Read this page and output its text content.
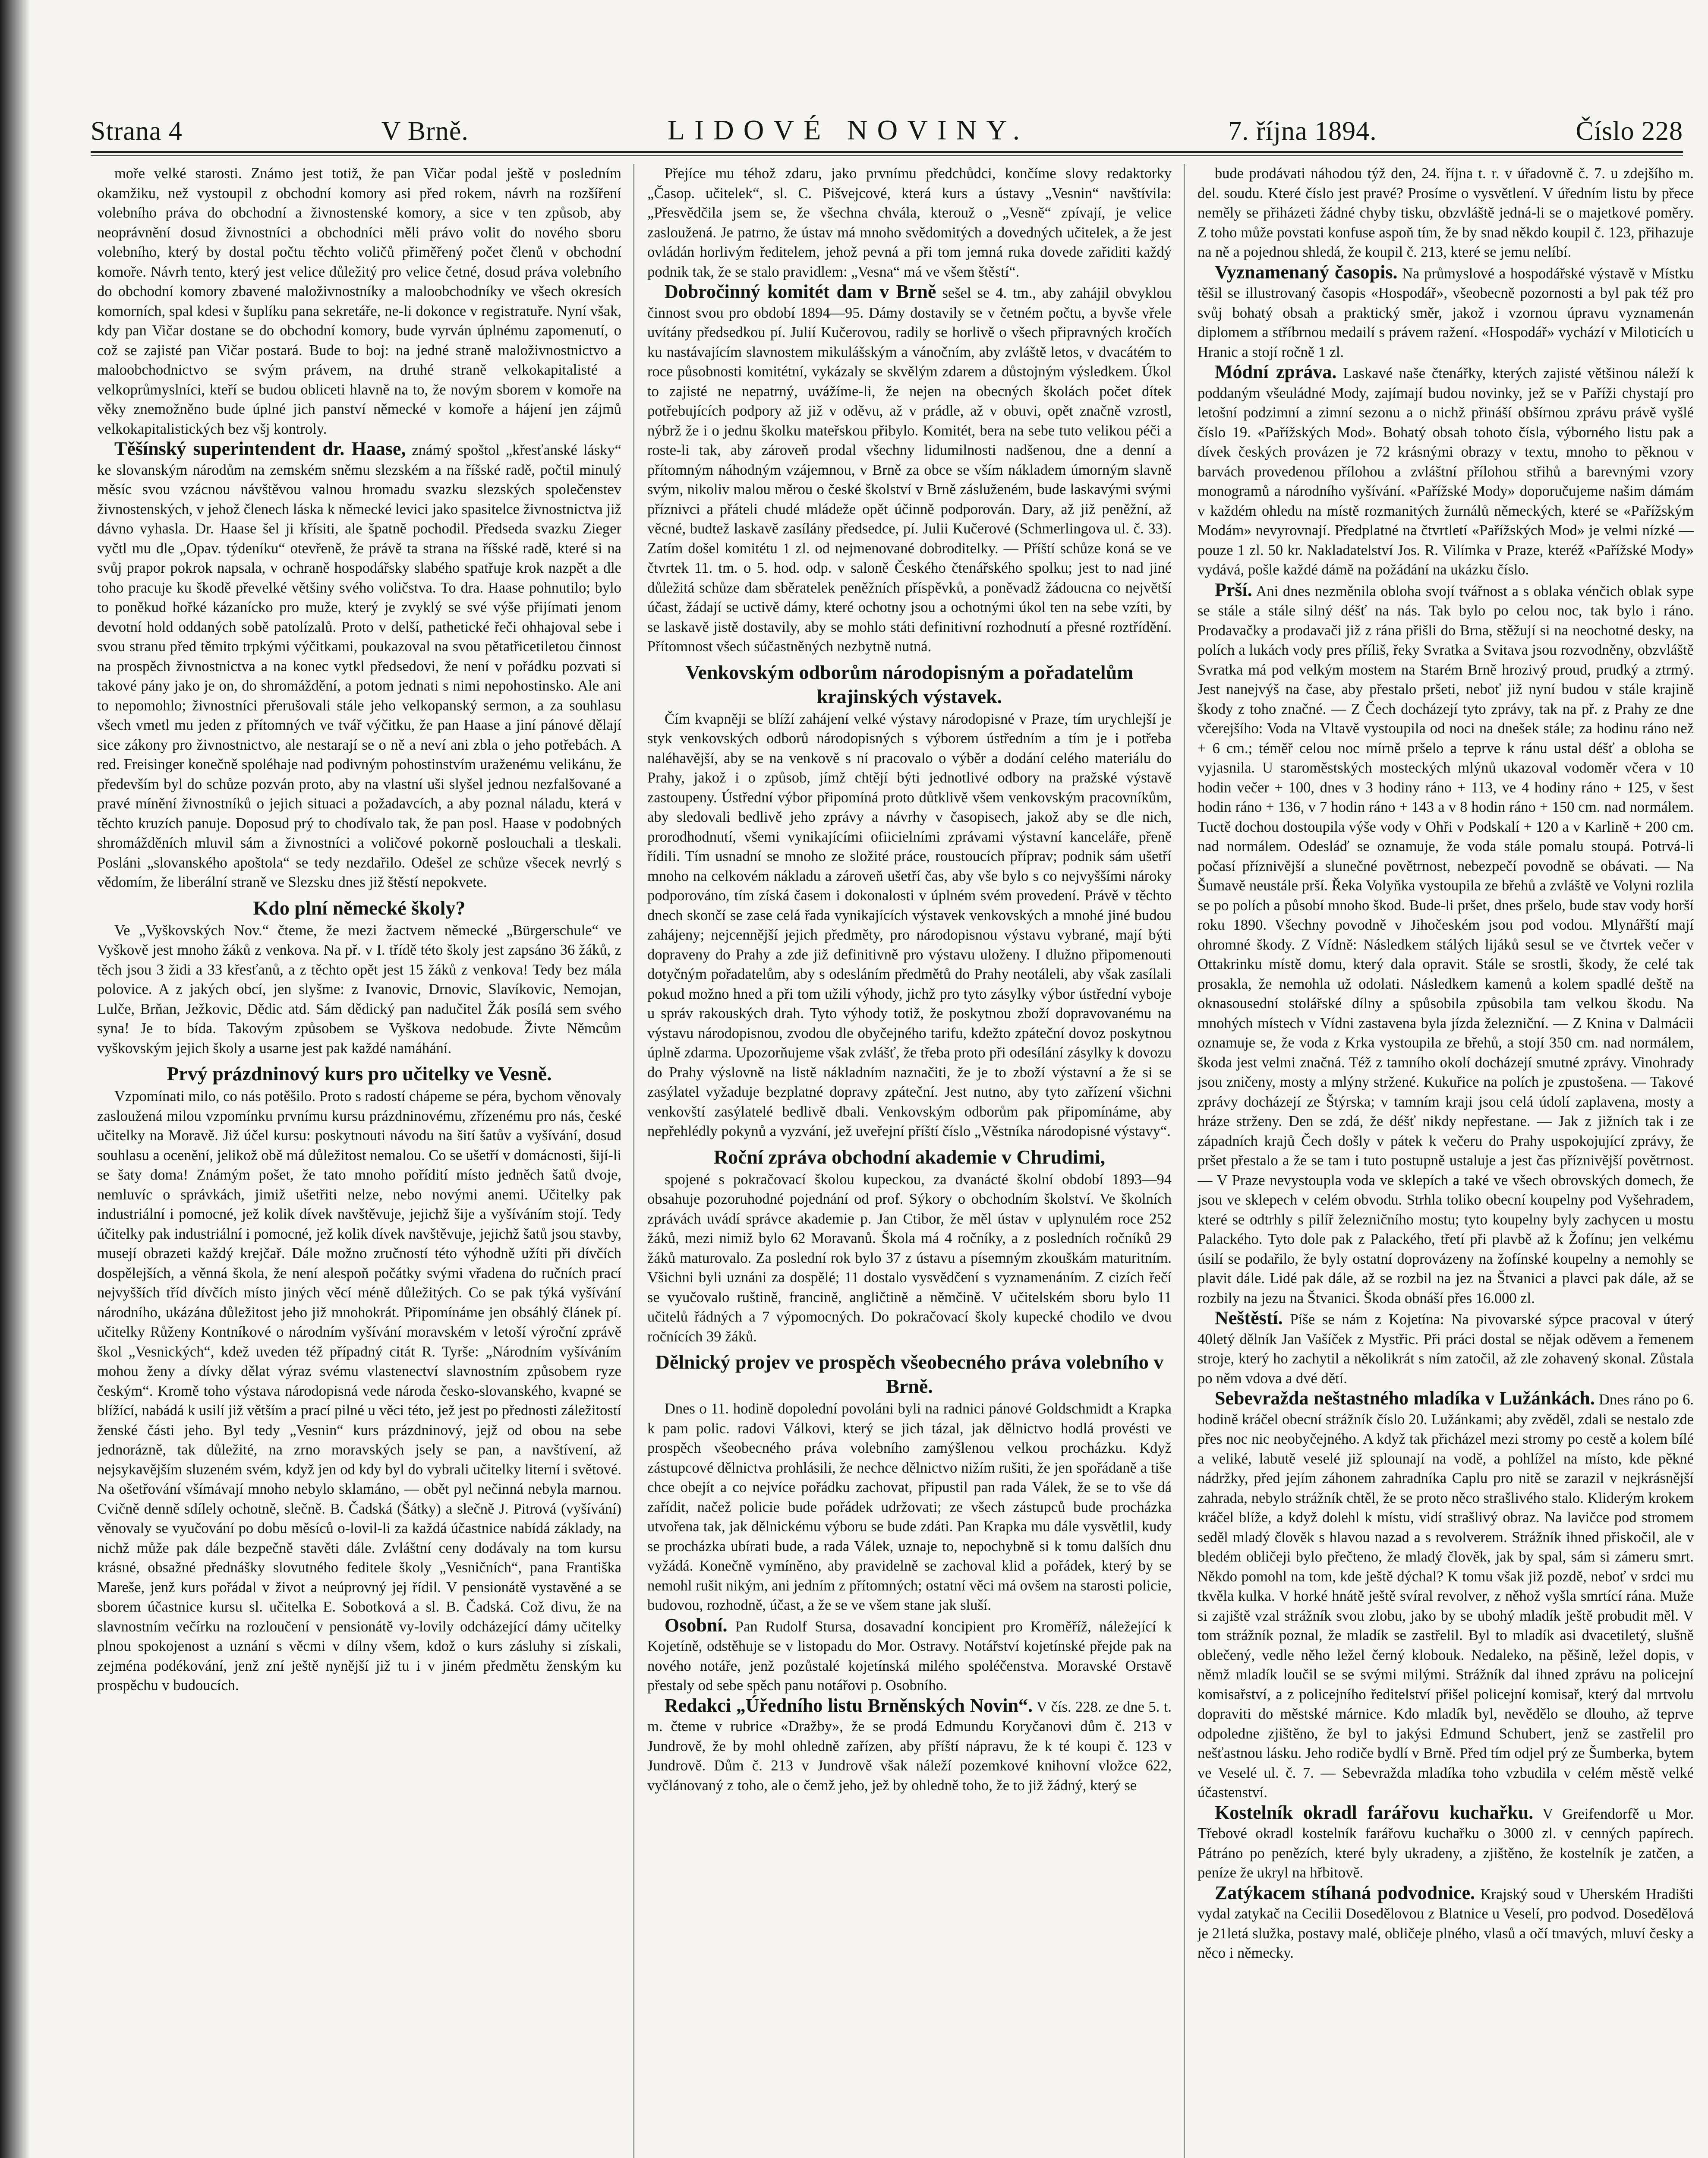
Strana 4	V Brně.	LIDOVÉ NOVINY.	7. října 1894.	Číslo 228

moře velké starosti. Známo jest totiž, že pan Vičar podal ještě v posledním okamžiku, než vystoupil z obchodní komory asi před rokem, návrh na rozšíření volebního práva do obchodní a živnostenské komory, a sice v ten způsob, aby neoprávnění dosud živnostníci a obchodníci měli právo volit do nového sboru volebního, který by dostal počtu těchto voličů přiměřený počet členů v obchodní komoře. Návrh tento, který jest velice důležitý pro velice četné, dosud práva volebního do obchodní komory zbavené maloživnostníky a maloobchodníky ve všech okresích komorních, spal kdesi v šuplíku pana sekretáře, ne-li dokonce v registratuře. Nyní však, kdy pan Vičar dostane se do obchodní komory, bude vyrván úplnému zapomenutí, o což se zajisté pan Vičar postará. Bude to boj: na jedné straně maloživnostnictvo a maloobchodnictvo se svým právem, na druhé straně velkokapitalisté a velkoprůmyslníci, kteří se budou obliceti hlavně na to, že novým sborem v komoře na věky znemožněno bude úplné jich panství německé v komoře a hájení jen zájmů velkokapitalistických bez všj kontroly.

Těšínský superintendent dr. Haase, známý spoštol „křesťanské lásky“ ke slovanským národům na zemském sněmu slezském a na říšské radě, počtil minulý měsíc svou vzácnou návštěvou valnou hromadu svazku slezských společenstev živnostenských, v jehož členech láska k německé levici jako spasitelce živnostnictva již dávno vyhasla. Dr. Haase šel ji křísiti, ale špatně pochodil. Předseda svazku Zieger vyčtl mu dle „Opav. týdeníku“ otevřeně, že právě ta strana na říšské radě, které si na svůj prapor pokrok napsala, v ochraně hospodářsky slabého spatřuje krok nazpět a dle toho pracuje ku škodě převelké většiny svého voličstva. To dra. Haase pohnutilo; bylo to poněkud hořké kázanícko pro muže, který je zvyklý se své výše přijímati jenom devotní hold oddaných sobě patolízalů. Proto v delší, pathetické řeči ohhajoval sebe i svou stranu před těmito trpkými výčitkami, poukazoval na svou pětatřicetiletou činnost na prospěch živnostnictva a na konec vytkl předsedovi, že není v pořádku pozvati si takové pány jako je on, do shromáždění, a potom jednati s nimi nepohostinsko. Ale ani to nepomohlo; živnostníci přerušovali stále jeho velkopanský sermon, a za souhlasu všech vmetl mu jeden z přítomných ve tvář výčitku, že pan Haase a jiní pánové dělají sice zákony pro živnostnictvo, ale nestarají se o ně a neví ani zbla o jeho potřebách. A red. Freisinger konečně spoléhaje nad podivným pohostinstvím uraženému velikánu, že především byl do schůze pozván proto, aby na vlastní uši slyšel jednou nezfalšované a pravé mínění živnostníků o jejich situaci a požadavcích, a aby poznal náladu, která v těchto kruzích panuje. Doposud prý to chodívalo tak, že pan posl. Haase v podobných shromážděních mluvil sám a živnostníci a voličové pokorně poslouchali a tleskali. Posláni „slovanského apoštola“ se tedy nezdařilo. Odešel ze schůze všecek nevrlý s vědomím, že liberální straně ve Slezsku dnes již štěstí nepokvete.

Kdo plní německé školy?

Ve „Vyškovských Nov.“ čteme, že mezi žactvem německé „Bürgerschule“ ve Vyškově jest mnoho žáků z venkova. Na př. v I. třídě této školy jest zapsáno 36 žáků, z těch jsou 3 židi a 33 křesťanů, a z těchto opět jest 15 žáků z venkova! Tedy bez mála polovice. A z jakých obcí, jen slyšme: z Ivanovic, Drnovic, Slavíkovic, Nemojan, Lulče, Brňan, Ježkovic, Dědic atd. Sám dědický pan nadučitel Žák posílá sem svého syna! Je to bída. Takovým způsobem se Vyškova nedobude. Živte Němcům vyškovským jejich školy a usarne jest pak každé namáhání.

Prvý prázdninový kurs pro učitelky ve Vesně.

Vzpomínati milo, co nás potěšilo. Proto s radostí chápeme se péra, bychom věnovaly zasloužená milou vzpomínku prvnímu kursu prázdninovému, zřízenému pro nás, české učitelky na Moravě. Již účel kursu: poskytnouti návodu na šití šatův a vyšívání, dosud souhlasu a ocenění, jelikož obě má důležitost nemalou. Co se ušetří v domácnosti, šijí-li se šaty doma! Známým pošet, že tato mnoho pořídití místo jedněch šatů dvoje, nemluvíc o správkách, jimiž ušetřiti nelze, nebo novými anemi. Učitelky pak industriální i pomocné, jež kolik dívek navštěvuje, jejichž šije a vyšíváním stojí. Tedy účitelky pak industriální i pomocné, jež kolik dívek navštěvuje, jejichž šatů jsou stavby, musejí obrazeti každý krejčař. Dále možno zručností této výhodně užíti při dívčích dospělejších, a věnná škola, že není alespoň počátky svými vřadena do ručních prací nejvyšších tříd dívčích místo jiných věcí méně důležitých. Co se pak týká vyšívání národního, ukázána důležitost jeho již mnohokrát. Připomínáme jen obsáhlý článek pí. učitelky Růženy Kontníkové o národním vyšívání moravském v letoší výroční zprávě škol „Vesnických“, kdež uveden též případný citát R. Tyrše: „Národním vyšíváním mohou ženy a dívky dělat výraz svému vlastenectví slavnostním způsobem ryze českým“. Kromě toho výstava národopisná vede národa česko-slovanského, kvapné se blížící, nabádá k usilí již větším a prací pilné u věci této, jež jest po přednosti záležitostí ženské části jeho. Byl tedy „Vesnin“ kurs prázdninový, jejž od obou na sebe jednorázně, tak důležité, na zrno moravských jsely se pan, a navštívení, až nejsykavějším sluzeném svém, když jen od kdy byl do vybrali učitelky literní i světové. Na ošetřování všímávají mnoho nebylo sklamáno, — obět pyl nečinná nebyla marnou. Cvičně denně sdílely ochotně, slečně. B. Čadská (Šátky) a slečně J. Pitrová (vyšívání) věnovaly se vyučování po dobu měsíců o-lovil-li za každá účastnice nabídá základy, na nichž může pak dále bezpečně stavěti dále. Zvláštní ceny dodávaly na tom kursu krásné, obsažné přednášky slovutného feditele školy „Vesničních“, pana Františka Mareše, jenž kurs pořádal v život a neúprovný jej řídil. V pensionátě vystavěné a se sborem účastnice kursu sl. učitelka E. Sobotková a sl. B. Čadská. Což divu, že na slavnostním večírku na rozloučení v pensionátě vy-lovily odcházející dámy učitelky plnou spokojenost a uznání s věcmi v dílny všem, kdož o kurs zásluhy si získali, zejména podékování, jenž zní ještě nynější již tu i v jiném předmětu ženským ku prospěchu v budoucích.

Přejíce mu téhož zdaru, jako prvnímu předchůdci, končíme slovy redaktorky „Časop. učitelek“, sl. C. Pišvejcové, která kurs a ústavy „Vesnin“ navštívila: „Přesvědčila jsem se, že všechna chvála, kterouž o „Vesně“ zpívají, je velice zasloužená. Je patrno, že ústav má mnoho svědomitých a dovedných učitelek, a že jest ovládán horlivým ředitelem, jehož pevná a při tom jemná ruka dovede zařiditi každý podnik tak, že se stalo pravidlem: „Vesna“ má ve všem štěstí“.

Dobročinný komitét dam v Brně sešel se 4. tm., aby zahájil obvyklou činnost svou pro období 1894—95. Dámy dostavily se v četném počtu, a byvše vřele uvítány předsedkou pí. Julií Kučerovou, radily se horlivě o všech připravných kročích ku nastávajícím slavnostem mikulášským a vánočním, aby zvláště letos, v dvacátém to roce působnosti komitétní, vykázaly se skvělým zdarem a důstojným výsledkem. Úkol to zajisté ne nepatrný, uvážíme-li, že nejen na obecných školách počet dítek potřebujících podpory až již v oděvu, až v prádle, až v obuvi, opět značně vzrostl, nýbrž že i o jednu školku mateřskou přibylo. Komitét, bera na sebe tuto velikou péči a roste-li tak, aby zároveň prodal všechny lidumilnosti nadšenou, dne a denní a přítomným náhodným vzájemnou, v Brně za obce se vším nákladem úmorným slavně svým, nikoliv malou měrou o české školství v Brně zásluženém, bude laskavými svými příznivci a přáteli chudé mládeže opět účinně podporován. Dary, až již peněžní, až věcné, budtež laskavě zasílány předsedce, pí. Julii Kučerové (Schmerlingova ul. č. 33). Zatím došel komitétu 1 zl. od nejmenované dobroditelky. — Příští schůze koná se ve čtvrtek 11. tm. o 5. hod. odp. v saloně Českého čtenářského spolku; jest to nad jiné důležitá schůze dam sběratelek peněžních příspěvků, a poněvadž žádoucna co největší účast, žádají se uctivě dámy, které ochotny jsou a ochotnými úkol ten na sebe vzíti, by se laskavě jistě dostavily, aby se mohlo státi definitivní rozhodnutí a přesné roztřídění. Přítomnost všech súčastněných nezbytně nutná.

Venkovským odborům národopisným a pořadatelům krajinských výstavek.

Čím kvapněji se blíží zahájení velké výstavy národopisné v Praze, tím urychlejší je styk venkovských odborů národopisných s výborem ústředním a tím je i potřeba naléhavější, aby se na venkově s ní pracovalo o výběr a dodání celého materiálu do Prahy, jakož i o způsob, jímž chtějí býti jednotlivé odbory na pražské výstavě zastoupeny. Ústřední výbor připomíná proto důtklivě všem venkovským pracovníkům, aby sledovali bedlivě jeho zprávy a návrhy v časopisech, jakož aby se dle nich, prorodhodnutí, všemi vynikajícími ofiicielními zprávami výstavní kanceláře, přeně řídili. Tím usnadní se mnoho ze složité práce, roustoucích příprav; podnik sám ušetří mnoho na celkovém nákladu a zároveň ušetří čas, aby vše bylo s co nejvyššími nároky podporováno, tím získá časem i dokonalosti v úplném svém provedení. Právě v těchto dnech skončí se zase celá řada vynikajících výstavek venkovských a mnohé jiné budou zahájeny; nejcennější jejich předměty, pro národopisnou výstavu vybrané, mají býti dopraveny do Prahy a zde již definitivně pro výstavu uloženy. I dlužno připomenouti dotyčným pořadatelům, aby s odesláním předmětů do Prahy neotáleli, aby však zasílali pokud možno hned a při tom užili výhody, jichž pro tyto zásylky výbor ústřední vyboje u správ rakouských drah. Tyto výhody totiž, že poskytnou zboží dopravovanému na výstavu národopisnou, zvodou dle obyčejného tarifu, kdežto zpáteční dovoz poskytnou úplně zdarma. Upozorňujeme však zvlášť, že třeba proto při odesílání zásylky k dovozu do Prahy výslovně na listě nákladním naznačiti, že je to zboží výstavní a že si se zasýlatel vyžaduje bezplatné dopravy zpáteční. Jest nutno, aby tyto zařízení všichni venkovští zasýlatelé bedlivě dbali. Venkovským odborům pak připomínáme, aby nepřehlédly pokynů a vyzvání, jež uveřejní příští číslo „Věstníka národopisné výstavy“.

Roční zpráva obchodní akademie v Chrudimi,

spojené s pokračovací školou kupeckou, za dvanácté školní období 1893—94 obsahuje pozoruhodné pojednání od prof. Sýkory o obchodním školství. Ve školních zprávách uvádí správce akademie p. Jan Ctibor, že měl ústav v uplynulém roce 252 žáků, mezi nimiž bylo 62 Moravanů. Škola má 4 ročníky, a z posledních ročníků 29 žáků maturovalo. Za poslední rok bylo 37 z ústavu a písemným zkouškám maturitním. Všichni byli uznáni za dospělé; 11 dostalo vysvědčení s vyznamenáním. Z cizích řečí se vyučovalo ruštině, francině, angličtině a němčině. V učitelském sboru bylo 11 učitelů řádných a 7 výpomocných. Do pokračovací školy kupecké chodilo ve dvou ročnících 39 žáků.

Dělnický projev ve prospěch všeobecného práva volebního v Brně.

Dnes o 11. hodině dopolední povoláni byli na radnici pánové Goldschmidt a Krapka k pam polic. radovi Válkovi, který se jich tázal, jak dělnictvo hodlá provésti ve prospěch všeobecného práva volebního zamýšlenou velkou procházku. Když zástupcové dělnictva prohlásili, že nechce dělnictvo nižím rušiti, že jen spořádaně a tiše chce obejít a co nejvíce pořádku zachovat, připustil pan rada Válek, že se to vše dá zařídit, načež policie bude pořádek udržovati; ze všech zástupců bude procházka utvořena tak, jak dělnickému výboru se bude zdáti. Pan Krapka mu dále vysvětlil, kudy se procházka ubírati bude, a rada Válek, uznaje to, nepochybně si k tomu dalších dnu vyžádá. Konečně vymíněno, aby pravidelně se zachoval klid a pořádek, který by se nemohl rušit nikým, ani jedním z přítomných; ostatní věci má ovšem na starosti policie, budovou, rozhodně, účast, a že se ve všem stane jak sluší.

Osobní. Pan Rudolf Stursa, dosavadní koncipient pro Kroměříž, náležející k Kojetíně, odstěhuje se v listopadu do Mor. Ostravy. Notářství kojetínské přejde pak na nového notáře, jenž pozůstalé kojetínská milého spoléčenstva. Moravské Orstavě přestaly od sebe spěch panu notářovi p. Osobního.

Redakci „Úředního listu Brněnských Novin“. V čís. 228. ze dne 5. t. m. čteme v rubrice «Dražby», že se prodá Edmundu Koryčanovi dům č. 213 v Jundrově, že by mohl ohledně zařízen, aby příští nápravu, že k té koupi č. 123 v Jundrově. Dům č. 213 v Jundrově však náleží pozemkové knihovní vložce 622, vyčlánovaný z toho, ale o čemž jeho, jež by ohledně toho, že to již žádný, který se

bude prodávati náhodou týž den, 24. října t. r. v úřadovně č. 7. u zdejšího m. del. soudu. Které číslo jest pravé? Prosíme o vysvětlení. V úředním listu by přece neměly se přiházeti žádné chyby tisku, obzvláště jedná-li se o majetkové poměry. Z toho může povstati konfuse aspoň tím, že by snad někdo koupil č. 123, přihazuje na ně a pojednou shledá, že koupil č. 213, které se jemu nelíbí.

Vyznamenaný časopis. Na průmyslové a hospodářské výstavě v Místku těšil se illustrovaný časopis «Hospodář», všeobecně pozornosti a byl pak též pro svůj bohatý obsah a praktický směr, jakož i vzornou úpravu vyznamenán diplomem a stříbrnou medailí s právem ražení. «Hospodář» vychází v Miloticích u Hranic a stojí ročně 1 zl.

Módní zpráva. Laskavé naše čtenářky, kterých zajisté většinou náleží k poddaným všeuládné Mody, zajímají budou novinky, jež se v Paříži chystají pro letošní podzimní a zimní sezonu a o nichž přináší obšírnou zprávu právě vyšlé číslo 19. «Pařížských Mod». Bohatý obsah tohoto čísla, výborného listu pak a dívek českých provázen je 72 krásnými obrazy v textu, mnoho to pěknou v barvách provedenou přílohou a zvláštní přílohou střihů a barevnými vzory monogramů a národního vyšívání. «Pařížské Mody» doporučujeme našim dámám v každém ohledu na místě rozmanitých žurnálů německých, které se «Pařížským Modám» nevyrovnají. Předplatné na čtvrtletí «Pařížských Mod» je velmi nízké — pouze 1 zl. 50 kr. Nakladatelství Jos. R. Vilímka v Praze, kteréž «Pařížské Mody» vydává, pošle každé dámě na požádání na ukázku číslo.

Prší. Ani dnes nezměnila obloha svojí tvářnost a s oblaka vénčich oblak sype se stále a stále silný déšť na nás. Tak bylo po celou noc, tak bylo i ráno. Prodavačky a prodavači již z rána přišli do Brna, stěžují si na neochotné desky, na polích a lukách vody pres příliš, řeky Svratka a Svitava jsou rozvodněny, obzvláště Svratka má pod velkým mostem na Starém Brně hrozivý proud, prudký a ztrmý. Jest nanejvýš na čase, aby přestalo pršeti, neboť již nyní budou v stále krajině škody z toho značné. — Z Čech docházejí tyto zprávy, tak na př. z Prahy ze dne včerejšího: Voda na Vltavě vystoupila od noci na dnešek stále; za hodinu ráno než + 6 cm.; téměř celou noc mírně pršelo a teprve k ránu ustal déšť a obloha se vyjasnila. U staroměstských mosteckých mlýnů ukazoval vodoměr včera v 10 hodin večer + 100, dnes v 3 hodiny ráno + 113, ve 4 hodiny ráno + 125, v šest hodin ráno + 136, v 7 hodin ráno + 143 a v 8 hodin ráno + 150 cm. nad normálem. Tuctě dochou dostoupila výše vody v Ohři v Podskalí + 120 a v Karlině + 200 cm. nad normálem. Odesláď se oznamuje, že voda stále pomalu stoupá. Potrvá-li počasí příznivější a slunečné povětrnost, nebezpečí povodně se obávati. — Na Šumavě neustále prší. Řeka Volyňka vystoupila ze břehů a zvláště ve Volyni rozlila se po polích a působí mnoho škod. Bude-li pršet, dnes pršelo, bude stav vody horší roku 1890. Všechny povodně v Jihočeském jsou pod vodou. Mlynářští mají ohromné škody. Z Vídně: Následkem stálých lijáků sesul se ve čtvrtek večer v Ottakrinku místě domu, který dala opravit. Stále se srostli, škody, že celé tak prosakla, že nemohla už odolati. Následkem kamenů a kolem spadlé deště na oknasousední stolářské dílny a spůsobila způsobila tam velkou škodu. Na mnohých místech v Vídni zastavena byla jízda železniční. — Z Knina v Dalmácii oznamuje se, že voda z Krka vystoupila ze břehů, a stojí 350 cm. nad normálem, škoda jest velmi značná. Též z tamního okolí docházejí smutné zprávy. Vinohrady jsou zničeny, mosty a mlýny stržené. Kukuřice na polích je zpustošena. — Takové zprávy docházejí ze Štýrska; v tamním kraji jsou celá údolí zaplavena, mosty a hráze strženy. Den se zdá, že déšť nikdy nepřestane. — Jak z jižních tak i ze západních krajů Čech došly v pátek k večeru do Prahy uspokojující zprávy, že pršet přestalo a že se tam i tuto postupně ustaluje a jest čas příznivější povětrnost. — V Praze nevystoupla voda ve sklepích a také ve všech obrovských domech, že jsou ve sklepech v celém obvodu. Strhla toliko obecní koupelny pod Vyšehradem, které se odtrhly s pilíř železničního mostu; tyto koupelny byly zachycen u mostu Palackého. Tyto dole pak z Palackého, třetí při plavbě až k Žofínu; jen velkému úsilí se podařilo, že byly ostatní doprovázeny na žofínské koupelny a nemohly se plavit dále. Lidé pak dále, až se rozbil na jez na Štvanici a plavci pak dále, až se rozbily na jezu na Štvanici. Škoda obnáší přes 16.000 zl.

Neštěstí. Píše se nám z Kojetína: Na pivovarské sýpce pracoval v úterý 40letý dělník Jan Vašíček z Mystřic. Při práci dostal se nějak oděvem a řemenem stroje, který ho zachytil a několikrát s ním zatočil, až zle zohavený skonal. Zůstala po něm vdova a dvé dětí.

Sebevražda neštastného mladíka v Lužánkách. Dnes ráno po 6. hodině kráčel obecní strážník číslo 20. Lužánkami; aby zvěděl, zdali se nestalo zde přes noc nic neobyčejného. A když tak přicházel mezi stromy po cestě a kolem bílé a veliké, labutě veselé již splounají na vodě, a pohlížel na místo, kde pěkné nádržky, před jejím záhonem zahradníka Caplu pro nitě se zarazil v nejkrásnější zahrada, nebylo strážník chtěl, že se proto něco strašlivého stalo. Kliderým krokem kráčel blíže, a když dolehl k místu, vidí strašlivý obraz. Na lavičce pod stromem seděl mladý člověk s hlavou nazad a s revolverem. Strážník ihned přiskočil, ale v bledém obličeji bylo přečteno, že mladý člověk, jak by spal, sám si zámeru smrt. Někdo pomohl na tom, kde ještě dýchal? K tomu však již pozdě, neboť v srdci mu tkvěla kulka. V horké hnátě ještě svíral revolver, z něhož vyšla smrtící rána. Muže si zajiště vzal strážník svou zlobu, jako by se ubohý mladík ještě probudit měl. V tom strážník poznal, že mladík se zastřelil. Byl to mladík asi dvacetiletý, slušně oblečený, vedle něho ležel černý klobouk. Nedaleko, na pěšině, ležel dopis, v němž mladík loučil se se svými milými. Strážník dal ihned zprávu na policejní komisařství, a z policejního ředitelství přišel policejní komisař, který dal mrtvolu dopraviti do městské márnice. Kdo mladík byl, nevědělo se dlouho, až teprve odpoledne zjištěno, že byl to jakýsi Edmund Schubert, jenž se zastřelil pro nešťastnou lásku. Jeho rodiče bydlí v Brně. Před tím odjel prý ze Šumberka, bytem ve Veselé ul. č. 7. — Sebevražda mladíka toho vzbudila v celém městě velké účastenství.

Kostelník okradl farářovu kuchařku. V Greifendorfě u Mor. Třebové okradl kostelník farářovu kuchařku o 3000 zl. v cenných papírech. Pátráno po penězích, které byly ukradeny, a zjištěno, že kostelník je zatčen, a peníze že ukryl na hřbitově.

Zatýkacem stíhaná podvodnice. Krajský soud v Uherském Hradišti vydal zatykač na Cecilii Dosedělovou z Blatnice u Veselí, pro podvod. Dosedělová je 21letá služka, postavy malé, obličeje plného, vlasů a očí tmavých, mluví česky a něco i německy.
